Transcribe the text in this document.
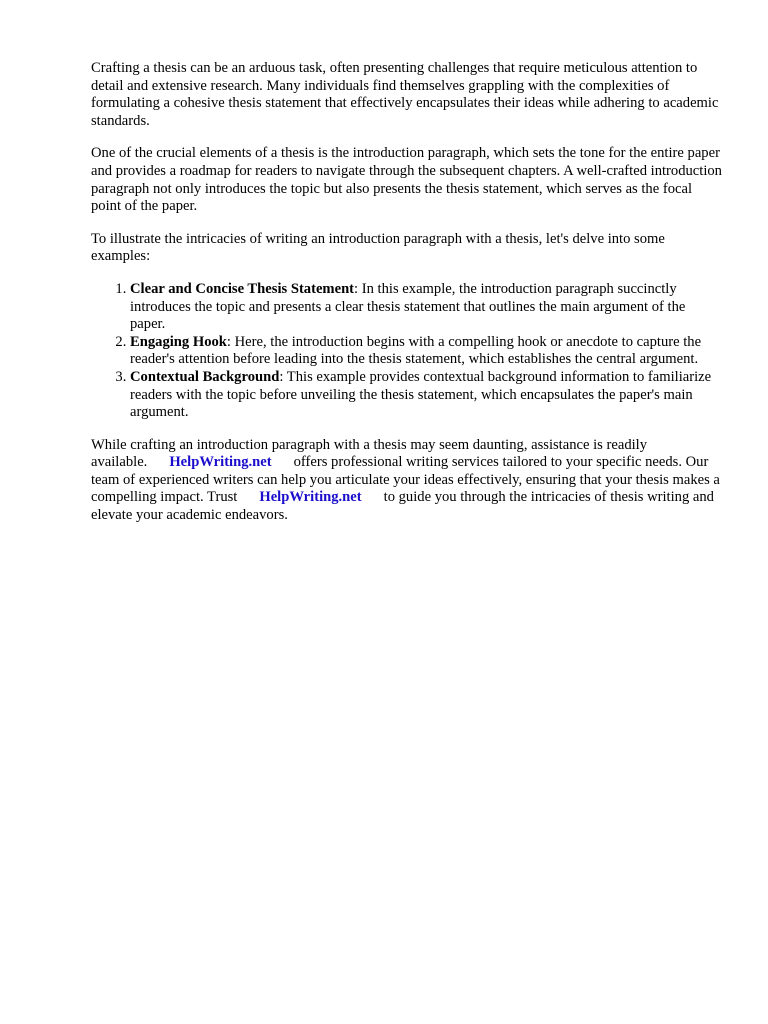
Crafting a thesis can be an arduous task, often presenting challenges that require meticulous attention to detail and extensive research. Many individuals find themselves grappling with the complexities of formulating a cohesive thesis statement that effectively encapsulates their ideas while adhering to academic standards.

One of the crucial elements of a thesis is the introduction paragraph, which sets the tone for the entire paper and provides a roadmap for readers to navigate through the subsequent chapters. A well-crafted introduction paragraph not only introduces the topic but also presents the thesis statement, which serves as the focal point of the paper.

To illustrate the intricacies of writing an introduction paragraph with a thesis, let's delve into some examples:

1. Clear and Concise Thesis Statement: In this example, the introduction paragraph succinctly introduces the topic and presents a clear thesis statement that outlines the main argument of the paper.
2. Engaging Hook: Here, the introduction begins with a compelling hook or anecdote to capture the reader's attention before leading into the thesis statement, which establishes the central argument.
3. Contextual Background: This example provides contextual background information to familiarize readers with the topic before unveiling the thesis statement, which encapsulates the paper's main argument.

While crafting an introduction paragraph with a thesis may seem daunting, assistance is readily available. HelpWriting.net offers professional writing services tailored to your specific needs. Our team of experienced writers can help you articulate your ideas effectively, ensuring that your thesis makes a compelling impact. Trust HelpWriting.net to guide you through the intricacies of thesis writing and elevate your academic endeavors.
